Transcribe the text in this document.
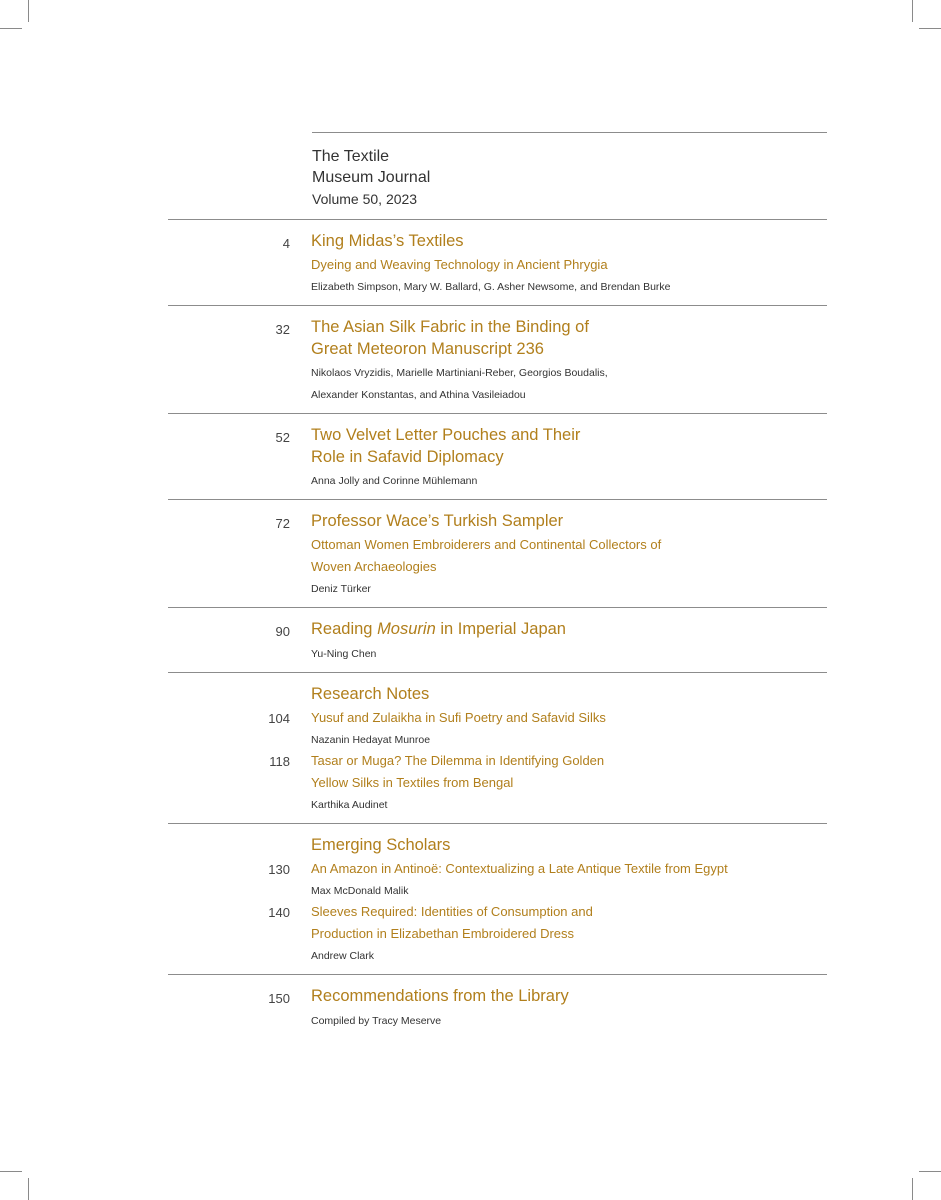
The Textile
Museum Journal
Volume 50, 2023
4 King Midas’s Textiles
Dyeing and Weaving Technology in Ancient Phrygia
Elizabeth Simpson, Mary W. Ballard, G. Asher Newsome, and Brendan Burke
32 The Asian Silk Fabric in the Binding of
Great Meteoron Manuscript 236
Nikolaos Vryzidis, Marielle Martiniani-Reber, Georgios Boudalis,
Alexander Konstantas, and Athina Vasileiadou
52 Two Velvet Letter Pouches and Their
Role in Safavid Diplomacy
Anna Jolly and Corinne Mühlemann
72 Professor Wace’s Turkish Sampler
Ottoman Women Embroiderers and Continental Collectors of
Woven Archaeologies
Deniz Türker
90 Reading Mosurin in Imperial Japan
Yu-Ning Chen
Research Notes
104 Yusuf and Zulaikha in Sufi Poetry and Safavid Silks
Nazanin Hedayat Munroe
118 Tasar or Muga? The Dilemma in Identifying Golden
Yellow Silks in Textiles from Bengal
Karthika Audinet
Emerging Scholars
130 An Amazon in Antinoë: Contextualizing a Late Antique Textile from Egypt
Max McDonald Malik
140 Sleeves Required: Identities of Consumption and
Production in Elizabethan Embroidered Dress
Andrew Clark
150 Recommendations from the Library
Compiled by Tracy Meserve
